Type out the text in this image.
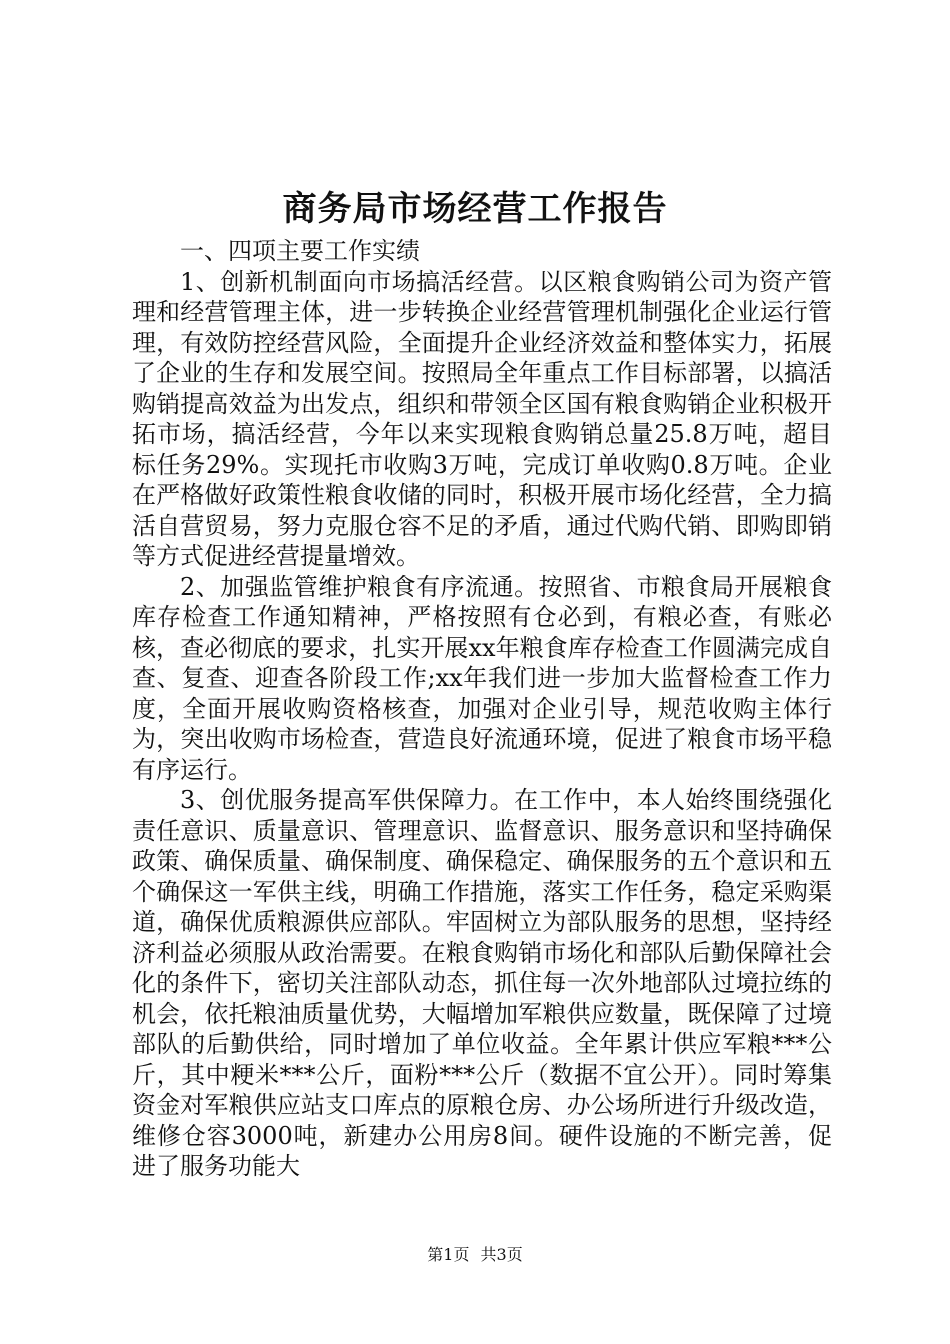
商务局市场经营工作报告

一、四项主要工作实绩

1、创新机制面向市场搞活经营。以区粮食购销公司为资产管理和经营管理主体，进一步转换企业经营管理机制强化企业运行管理，有效防控经营风险，全面提升企业经济效益和整体实力，拓展了企业的生存和发展空间。按照局全年重点工作目标部署，以搞活购销提高效益为出发点，组织和带领全区国有粮食购销企业积极开拓市场，搞活经营，今年以来实现粮食购销总量25.8万吨，超目标任务29%。实现托市收购3万吨，完成订单收购0.8万吨。企业在严格做好政策性粮食收储的同时，积极开展市场化经营，全力搞活自营贸易，努力克服仓容不足的矛盾，通过代购代销、即购即销等方式促进经营提量增效。

2、加强监管维护粮食有序流通。按照省、市粮食局开展粮食库存检查工作通知精神，严格按照有仓必到，有粮必查，有账必核，查必彻底的要求，扎实开展xx年粮食库存检查工作圆满完成自查、复查、迎查各阶段工作;xx年我们进一步加大监督检查工作力度，全面开展收购资格核查，加强对企业引导，规范收购主体行为，突出收购市场检查，营造良好流通环境，促进了粮食市场平稳有序运行。

3、创优服务提高军供保障力。在工作中，本人始终围绕强化责任意识、质量意识、管理意识、监督意识、服务意识和坚持确保政策、确保质量、确保制度、确保稳定、确保服务的五个意识和五个确保这一军供主线，明确工作措施，落实工作任务，稳定采购渠道，确保优质粮源供应部队。牢固树立为部队服务的思想，坚持经济利益必须服从政治需要。在粮食购销市场化和部队后勤保障社会化的条件下，密切关注部队动态，抓住每一次外地部队过境拉练的机会，依托粮油质量优势，大幅增加军粮供应数量，既保障了过境部队的后勤供给，同时增加了单位收益。全年累计供应军粮***公斤，其中粳米***公斤，面粉***公斤（数据不宜公开）。同时筹集资金对军粮供应站支口库点的原粮仓房、办公场所进行升级改造，维修仓容3000吨，新建办公用房8间。硬件设施的不断完善，促进了服务功能大

第1页 共3页
